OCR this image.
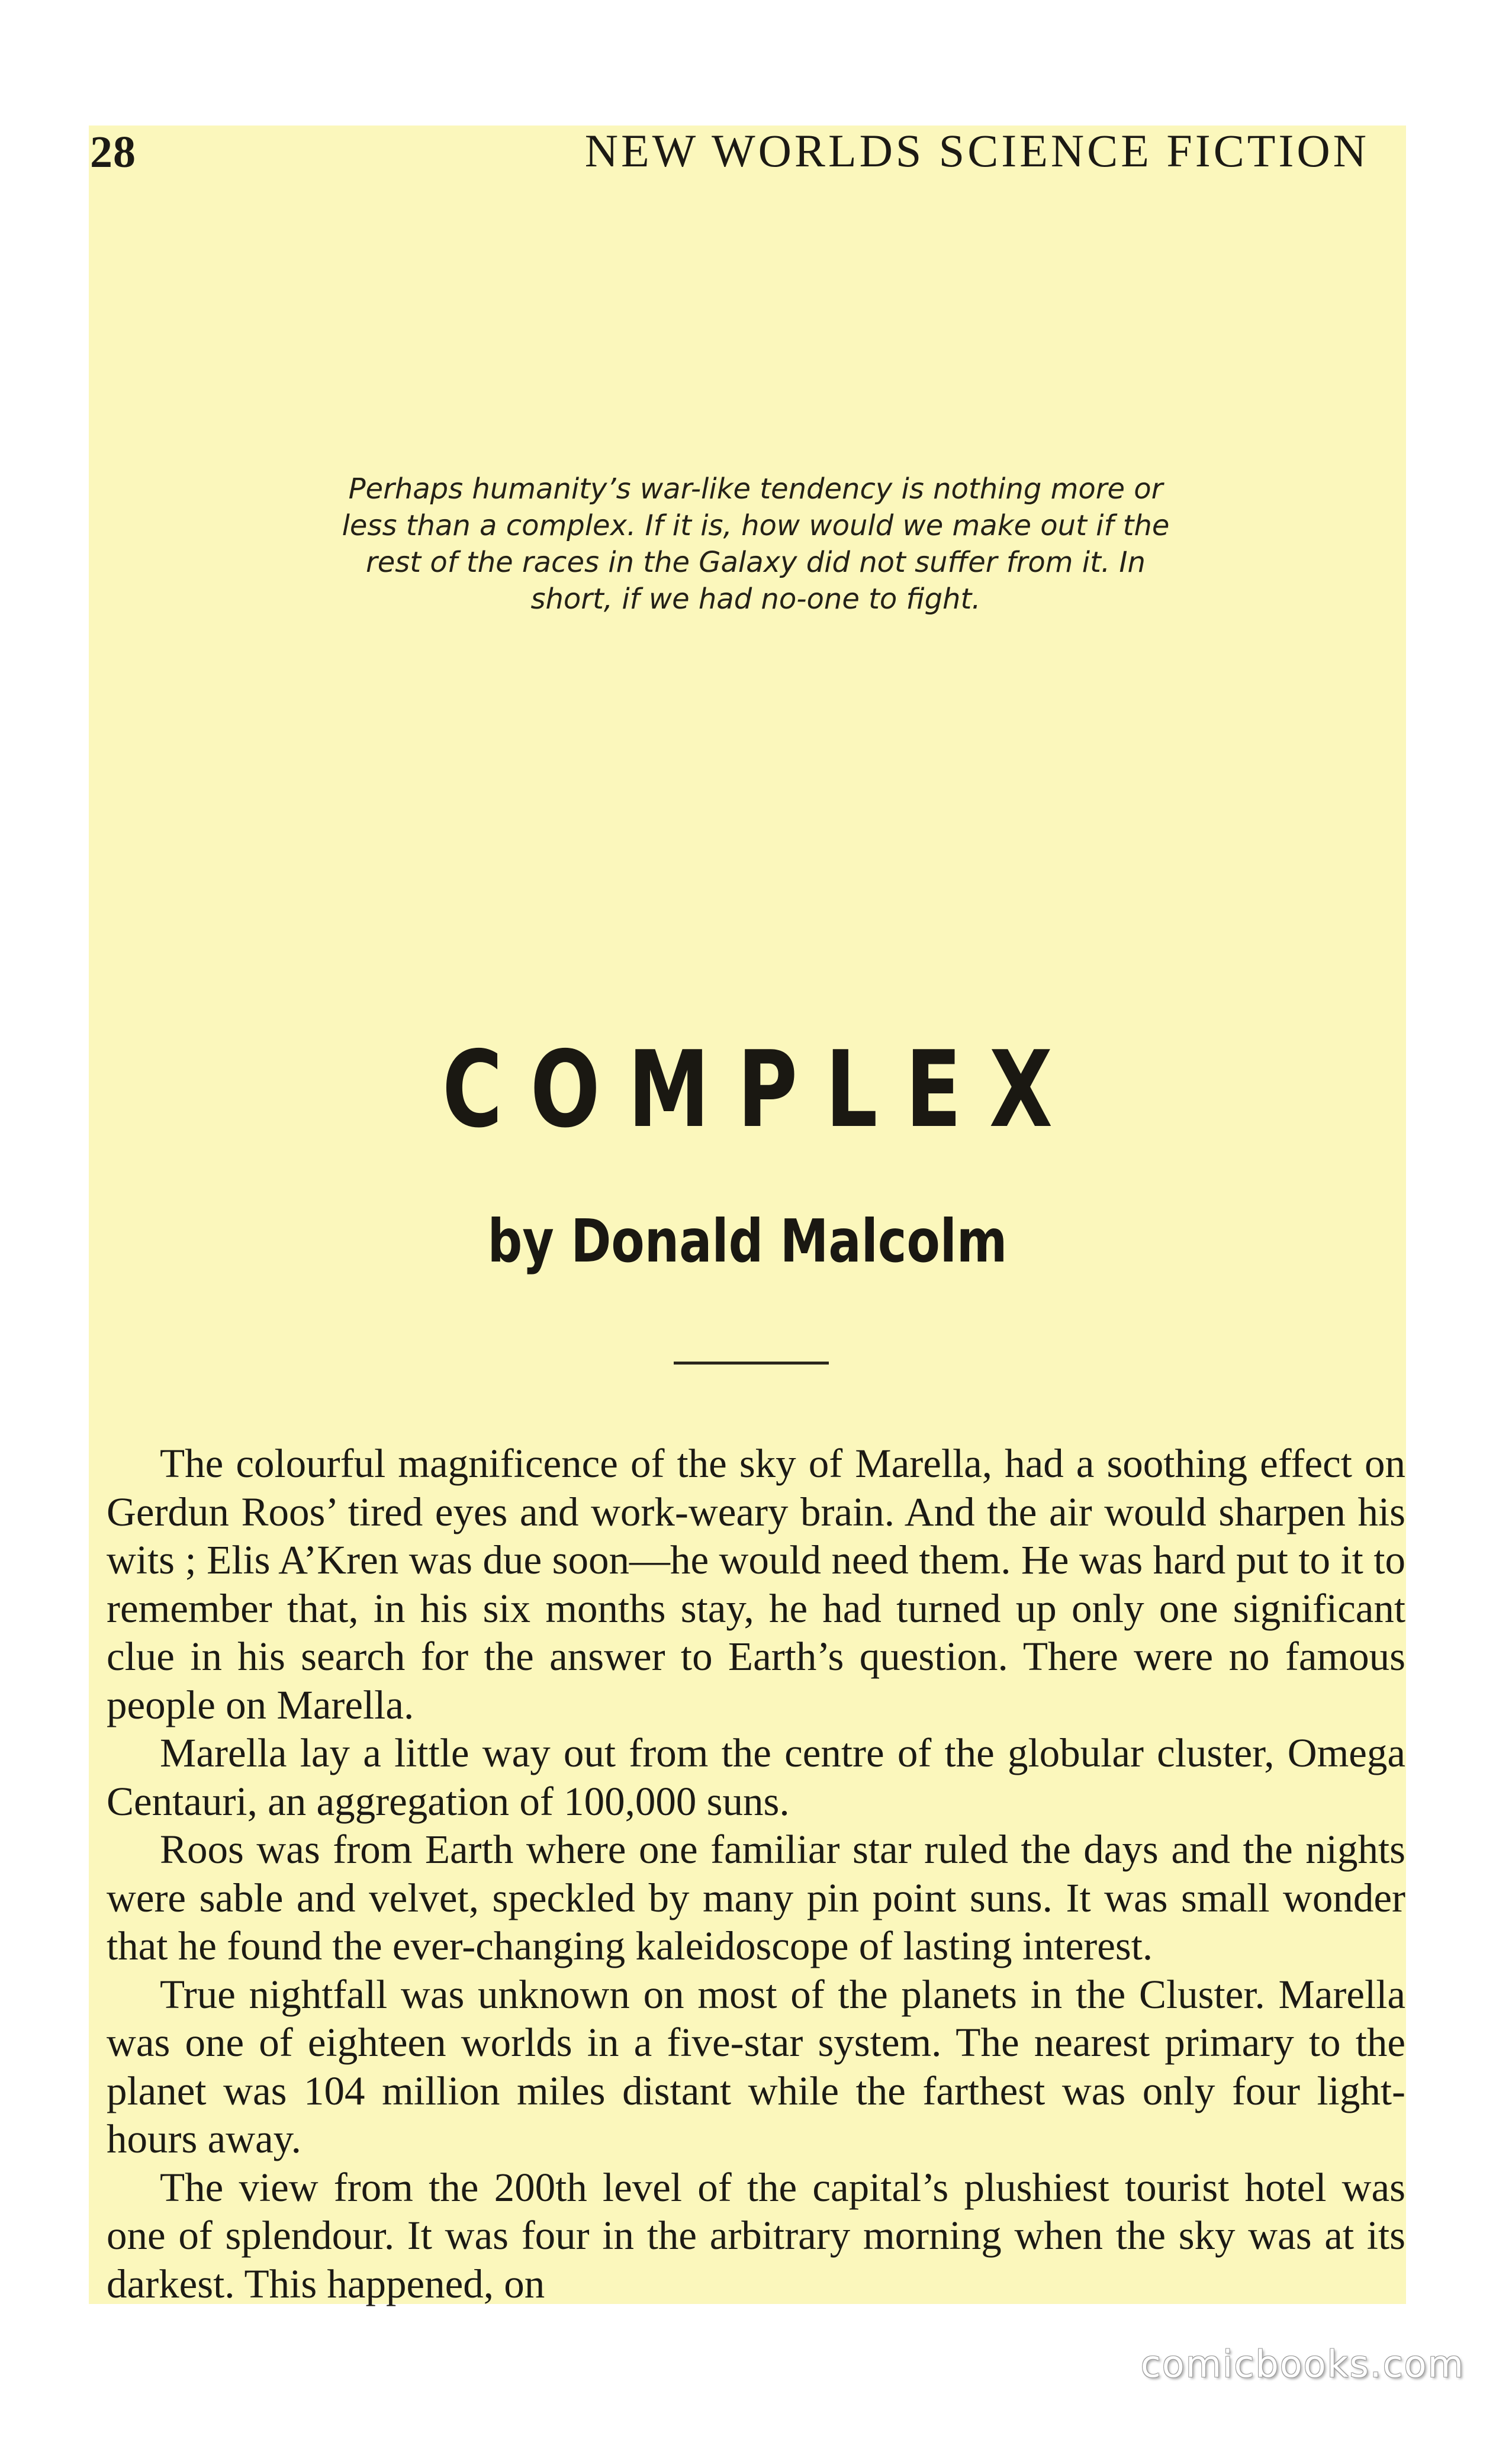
28	NEW WORLDS SCIENCE FICTION

Perhaps humanity’s war-like tendency is nothing more or less than a complex. If it is, how would we make out if the rest of the races in the Galaxy did not suffer from it. In short, if we had no-one to fight.

COMPLEX
by Donald Malcolm

The colourful magnificence of the sky of Marella, had a soothing effect on Gerdun Roos’ tired eyes and work-weary brain. And the air would sharpen his wits ; Elis A’Kren was due soon—he would need them. He was hard put to it to remember that, in his six months stay, he had turned up only one significant clue in his search for the answer to Earth’s question. There were no famous people on Marella.

Marella lay a little way out from the centre of the globular cluster, Omega Centauri, an aggregation of 100,000 suns.

Roos was from Earth where one familiar star ruled the days and the nights were sable and velvet, speckled by many pin point suns. It was small wonder that he found the ever-changing kaleidoscope of lasting interest.

True nightfall was unknown on most of the planets in the Cluster. Marella was one of eighteen worlds in a five-star system. The nearest primary to the planet was 104 million miles distant while the farthest was only four light-hours away.

The view from the 200th level of the capital’s plushiest tourist hotel was one of splendour. It was four in the arbitrary morning when the sky was at its darkest. This happened, on

comicbooks.com
